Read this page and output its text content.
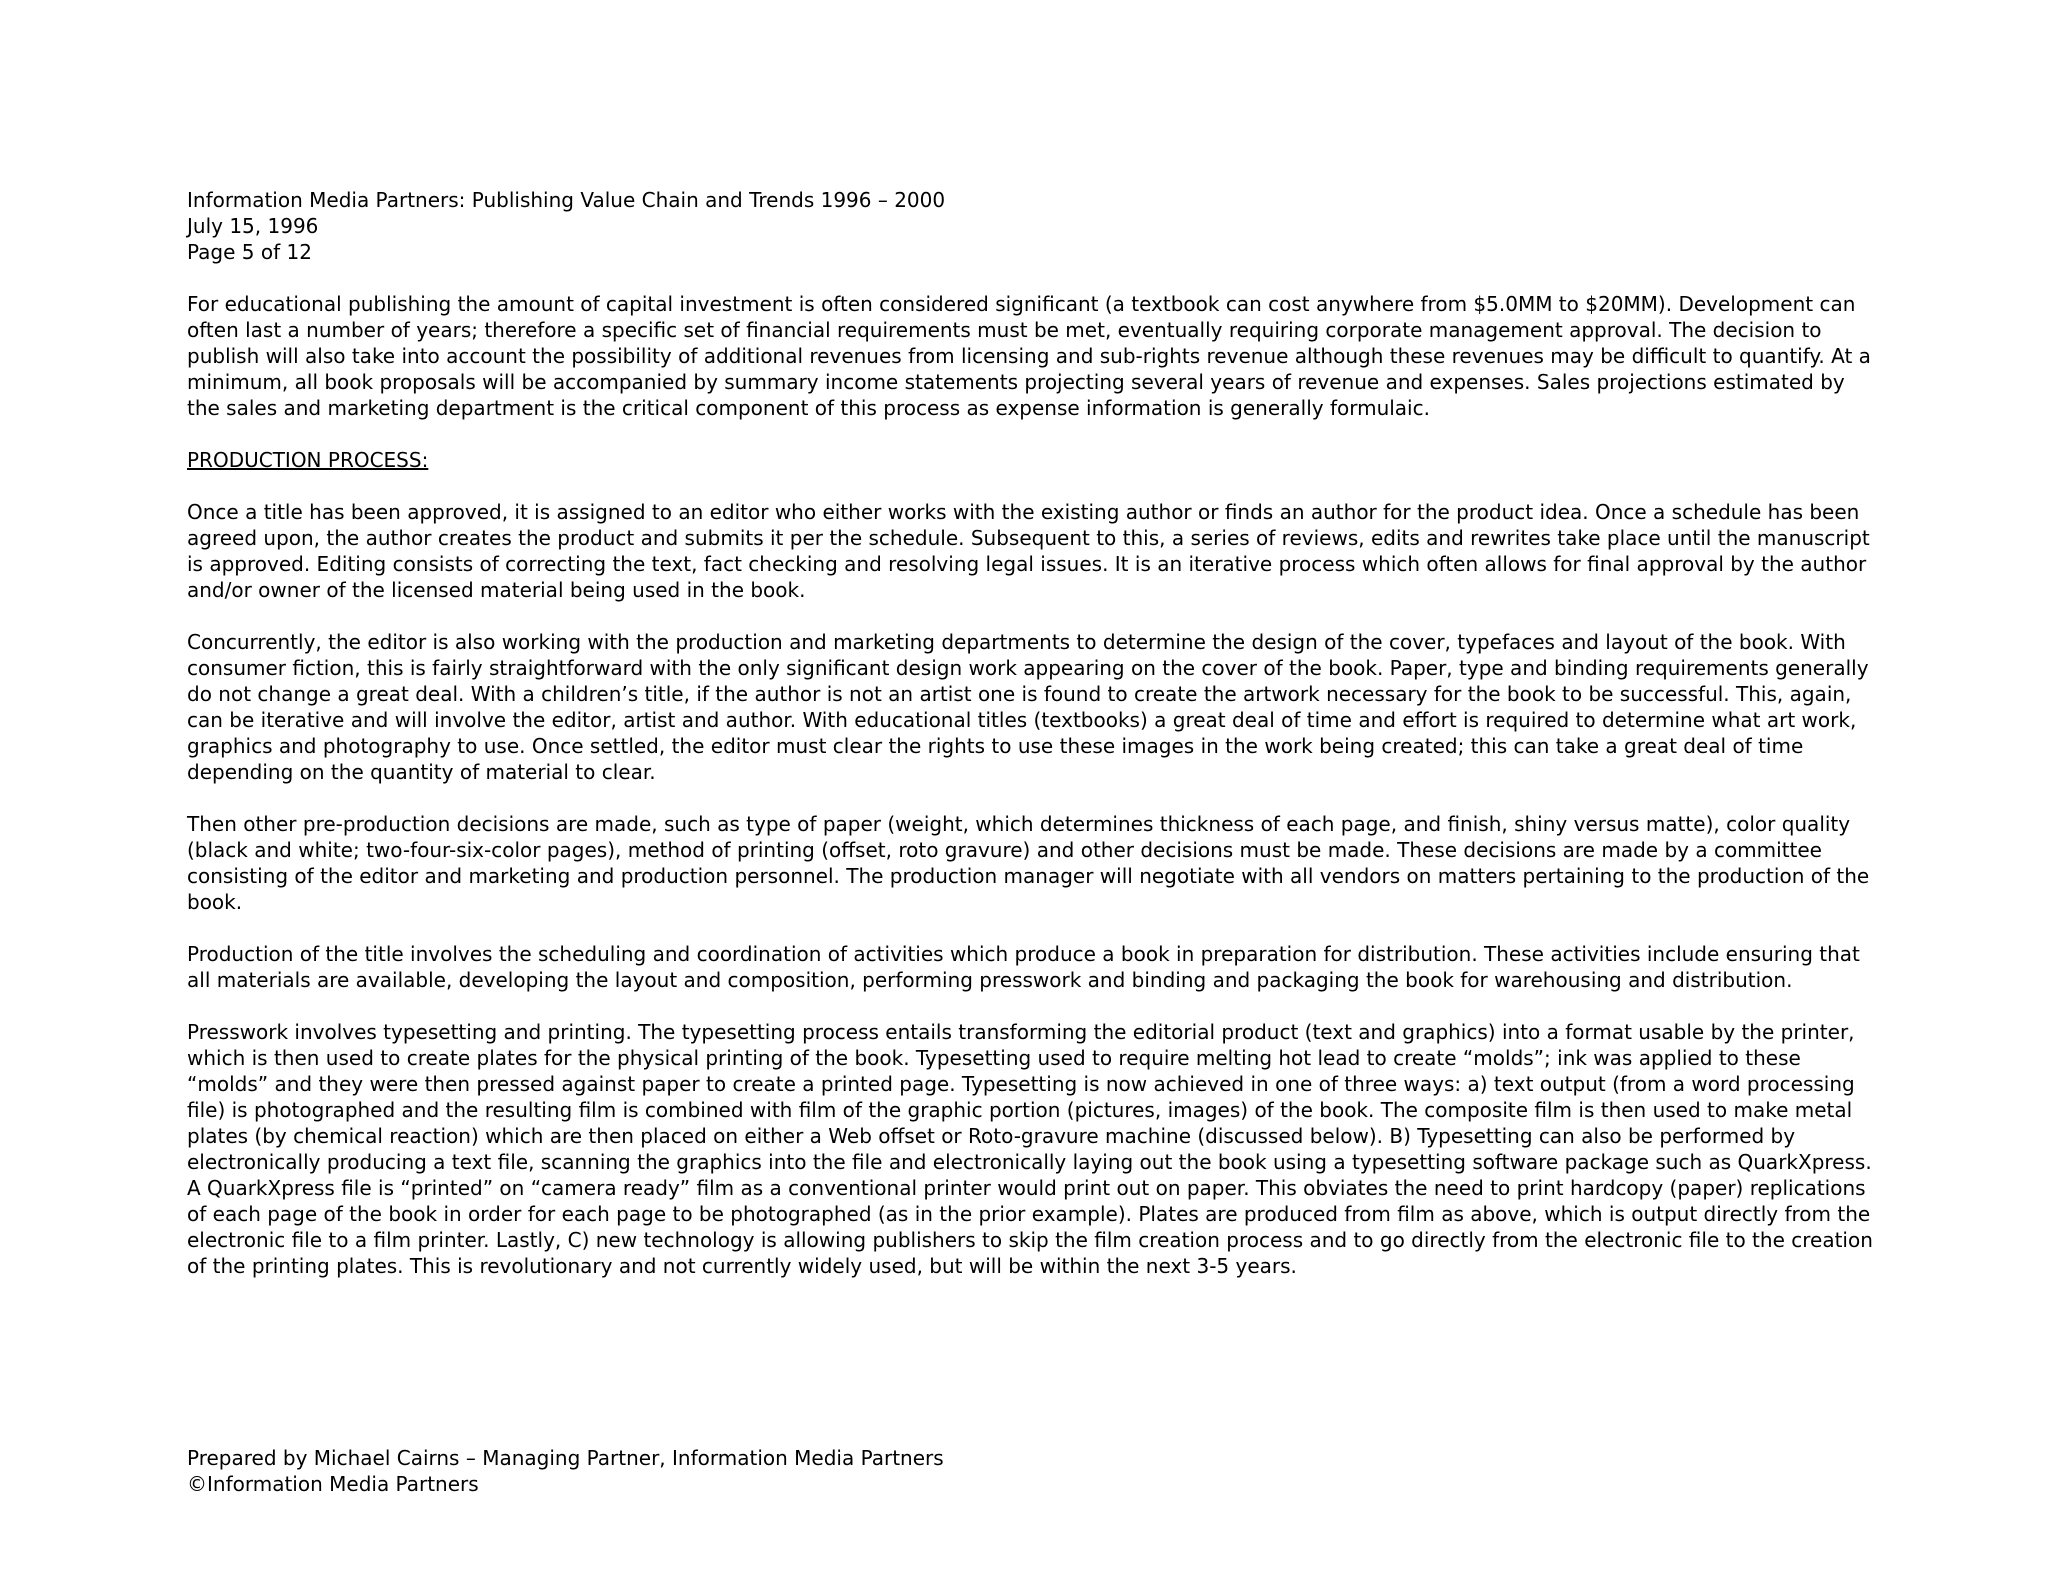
Information Media Partners: Publishing Value Chain and Trends 1996 – 2000
July 15, 1996
Page 5 of 12

For educational publishing the amount of capital investment is often considered significant (a textbook can cost anywhere from $5.0MM to $20MM). Development can often last a number of years; therefore a specific set of financial requirements must be met, eventually requiring corporate management approval. The decision to publish will also take into account the possibility of additional revenues from licensing and sub-rights revenue although these revenues may be difficult to quantify. At a minimum, all book proposals will be accompanied by summary income statements projecting several years of revenue and expenses. Sales projections estimated by the sales and marketing department is the critical component of this process as expense information is generally formulaic.

PRODUCTION PROCESS:

Once a title has been approved, it is assigned to an editor who either works with the existing author or finds an author for the product idea. Once a schedule has been agreed upon, the author creates the product and submits it per the schedule. Subsequent to this, a series of reviews, edits and rewrites take place until the manuscript is approved. Editing consists of correcting the text, fact checking and resolving legal issues. It is an iterative process which often allows for final approval by the author and/or owner of the licensed material being used in the book.

Concurrently, the editor is also working with the production and marketing departments to determine the design of the cover, typefaces and layout of the book. With consumer fiction, this is fairly straightforward with the only significant design work appearing on the cover of the book. Paper, type and binding requirements generally do not change a great deal. With a children’s title, if the author is not an artist one is found to create the artwork necessary for the book to be successful. This, again, can be iterative and will involve the editor, artist and author. With educational titles (textbooks) a great deal of time and effort is required to determine what art work, graphics and photography to use. Once settled, the editor must clear the rights to use these images in the work being created; this can take a great deal of time depending on the quantity of material to clear.

Then other pre-production decisions are made, such as type of paper (weight, which determines thickness of each page, and finish, shiny versus matte), color quality (black and white; two-four-six-color pages), method of printing (offset, roto gravure) and other decisions must be made. These decisions are made by a committee consisting of the editor and marketing and production personnel. The production manager will negotiate with all vendors on matters pertaining to the production of the book.

Production of the title involves the scheduling and coordination of activities which produce a book in preparation for distribution. These activities include ensuring that all materials are available, developing the layout and composition, performing presswork and binding and packaging the book for warehousing and distribution.

Presswork involves typesetting and printing. The typesetting process entails transforming the editorial product (text and graphics) into a format usable by the printer, which is then used to create plates for the physical printing of the book. Typesetting used to require melting hot lead to create “molds”; ink was applied to these “molds” and they were then pressed against paper to create a printed page. Typesetting is now achieved in one of three ways: a) text output (from a word processing file) is photographed and the resulting film is combined with film of the graphic portion (pictures, images) of the book. The composite film is then used to make metal plates (by chemical reaction) which are then placed on either a Web offset or Roto-gravure machine (discussed below). B) Typesetting can also be performed by electronically producing a text file, scanning the graphics into the file and electronically laying out the book using a typesetting software package such as QuarkXpress. A QuarkXpress file is “printed” on “camera ready” film as a conventional printer would print out on paper. This obviates the need to print hardcopy (paper) replications of each page of the book in order for each page to be photographed (as in the prior example). Plates are produced from film as above, which is output directly from the electronic file to a film printer. Lastly, C) new technology is allowing publishers to skip the film creation process and to go directly from the electronic file to the creation of the printing plates. This is revolutionary and not currently widely used, but will be within the next 3-5 years.

Prepared by Michael Cairns – Managing Partner, Information Media Partners
©Information Media Partners
